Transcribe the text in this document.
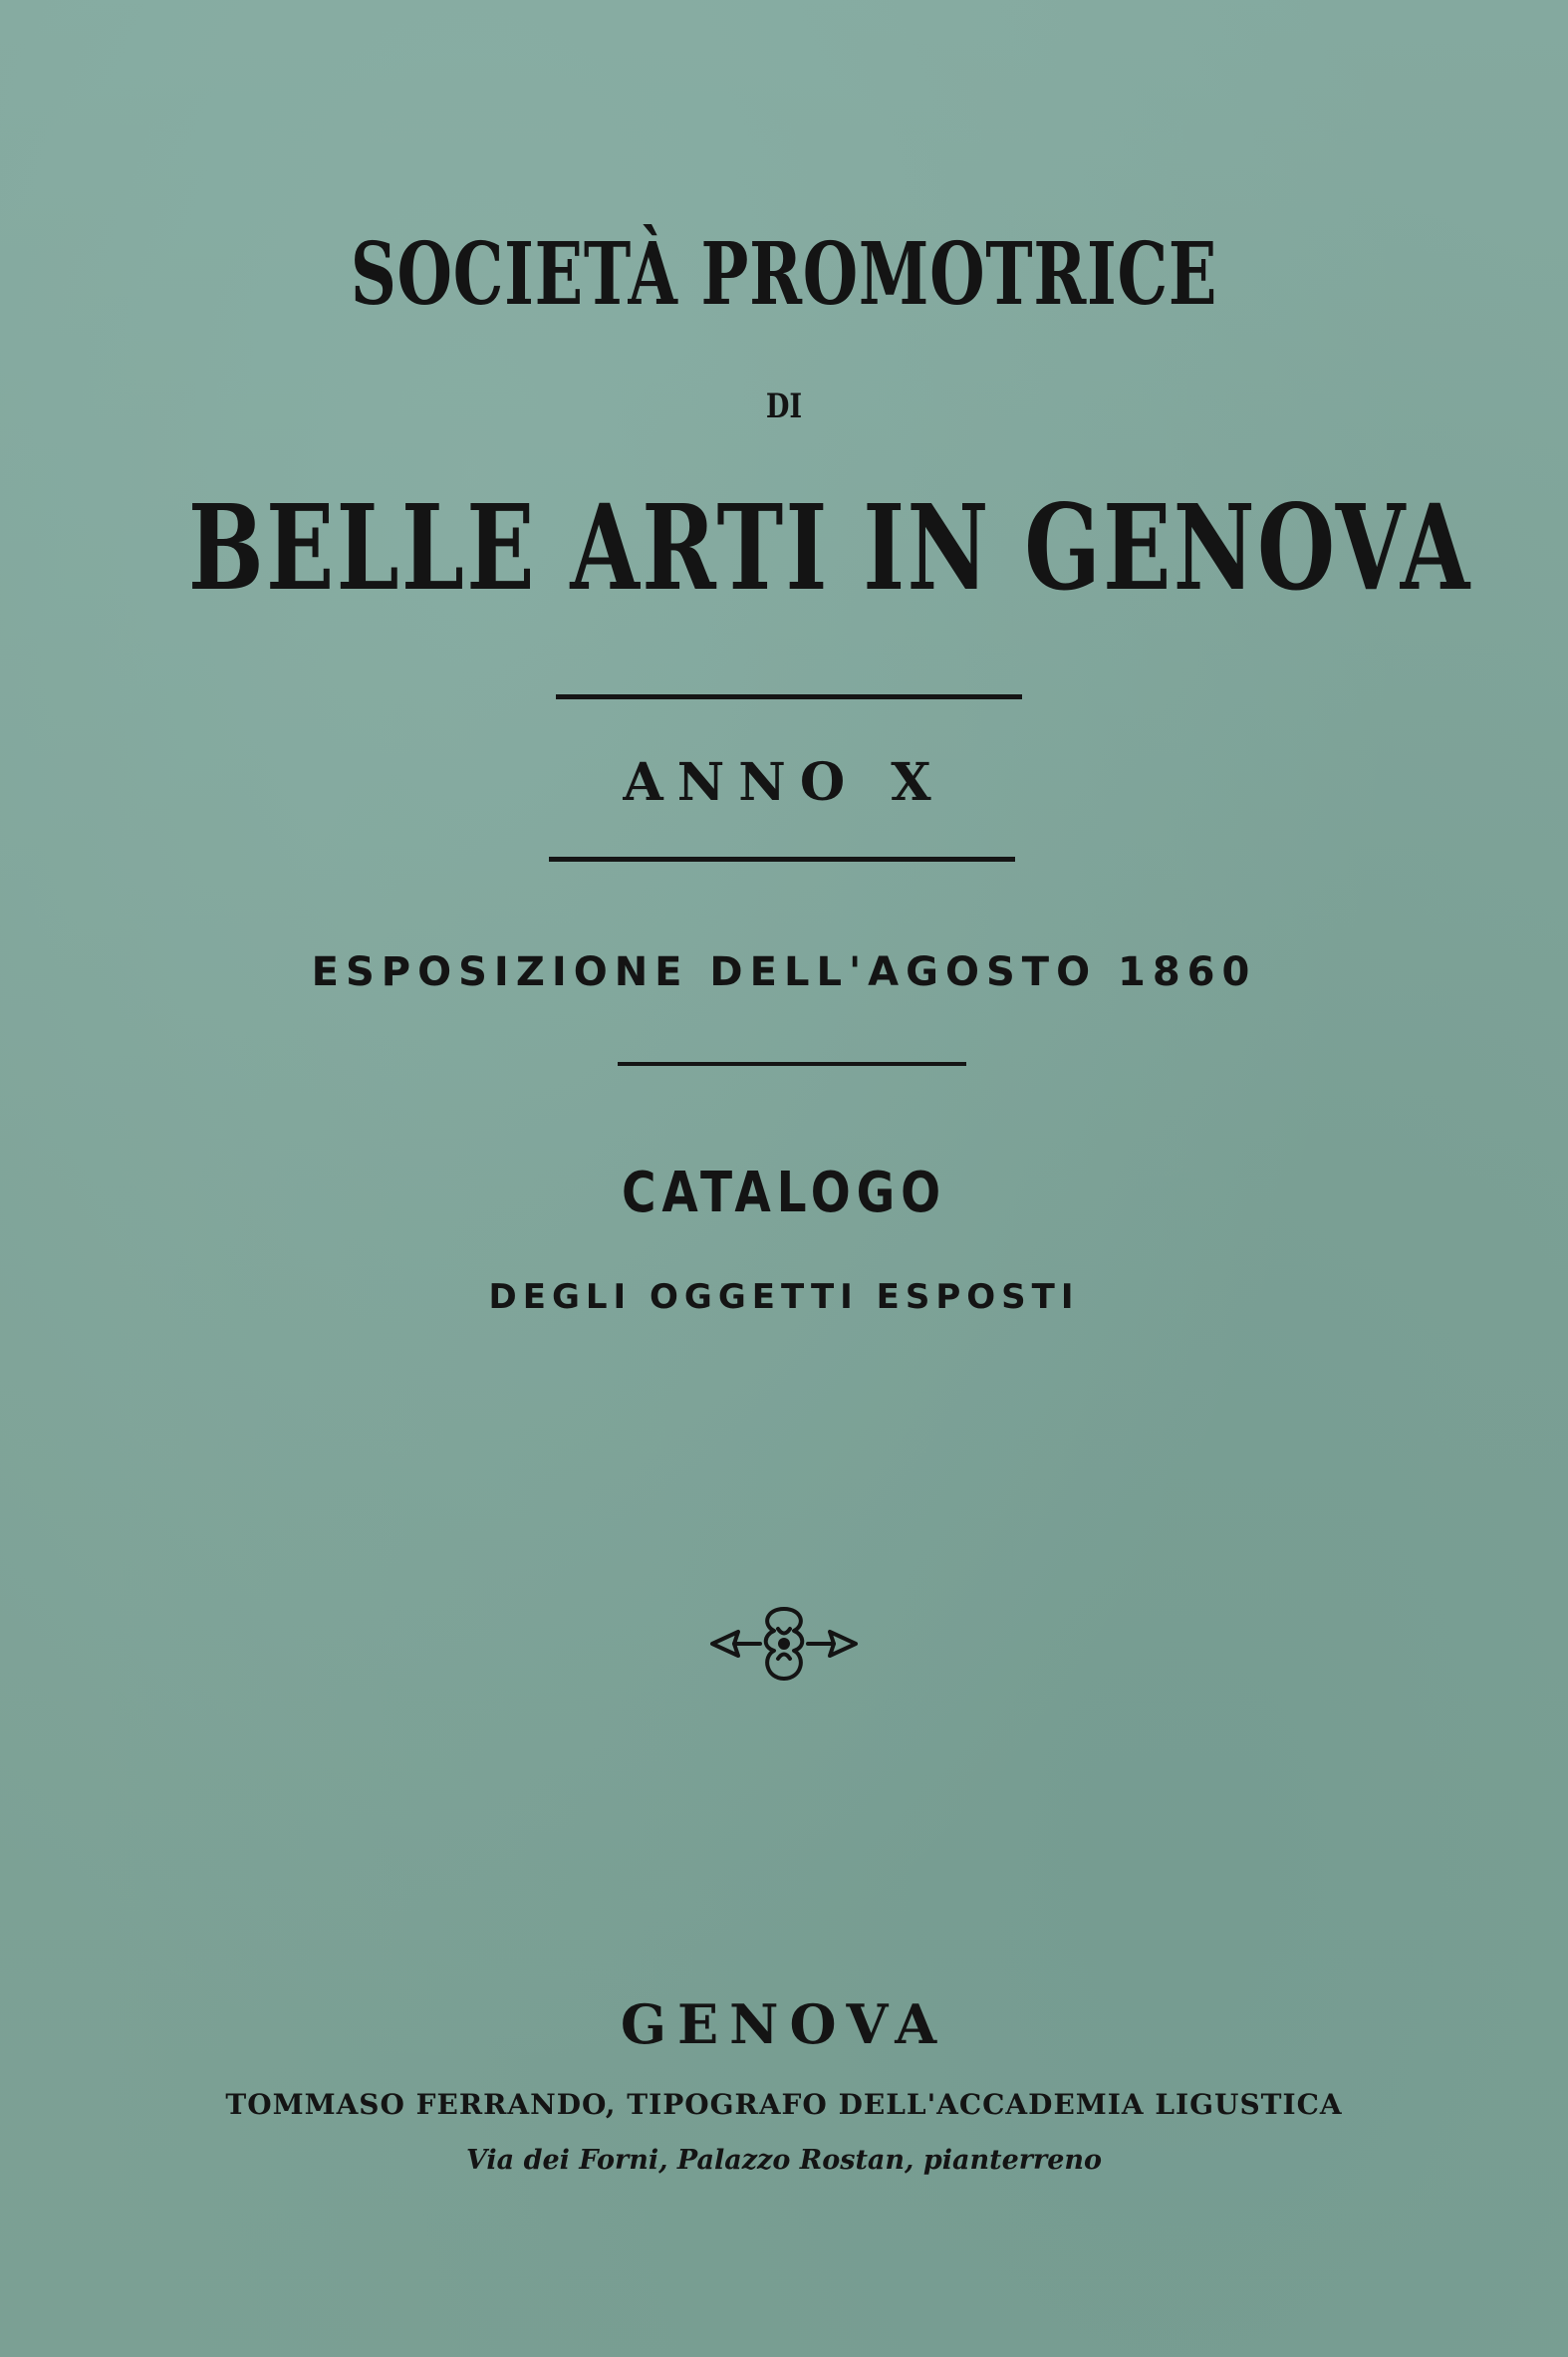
SOCIETÀ PROMOTRICE
DI
BELLE ARTI IN GENOVA
ANNO X
ESPOSIZIONE DELL'AGOSTO 1860
CATALOGO
DEGLI OGGETTI ESPOSTI
GENOVA
TOMMASO FERRANDO, TIPOGRAFO DELL'ACCADEMIA LIGUSTICA
Via dei Forni, Palazzo Rostan, pianterreno
